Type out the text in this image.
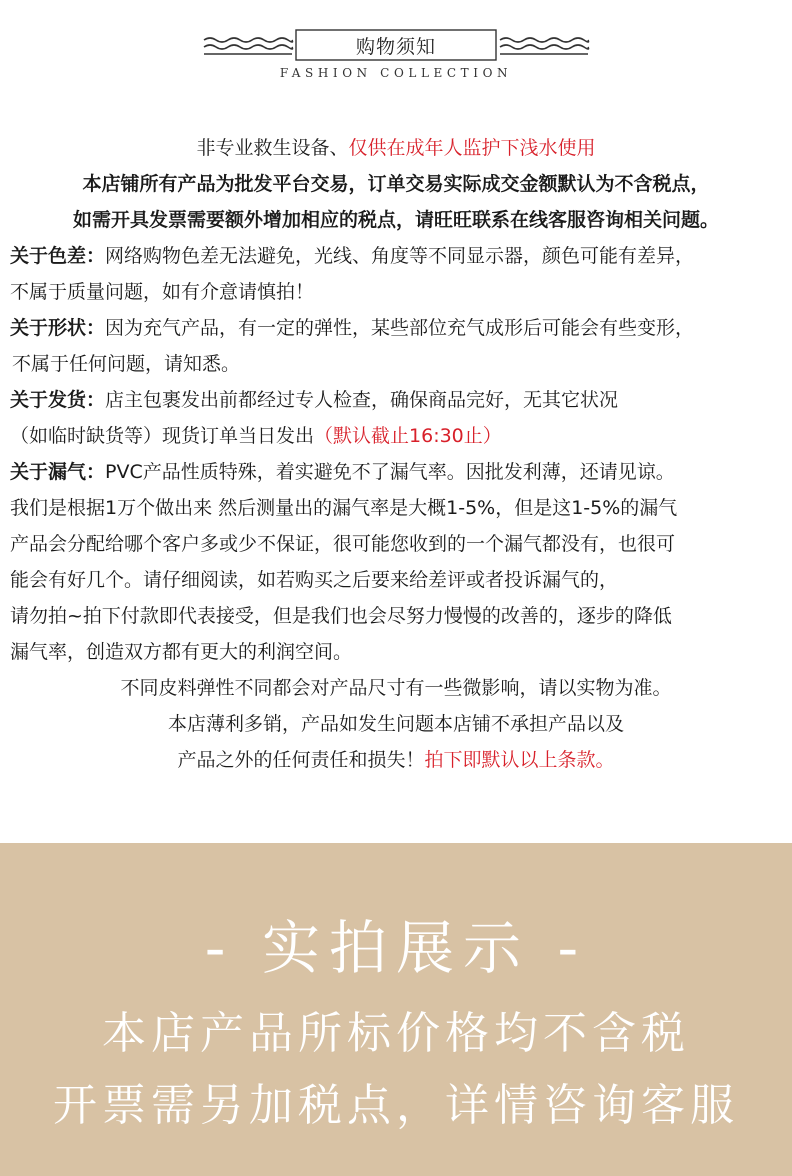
购物须知
FASHION COLLECTION
非专业救生设备、仅供在成年人监护下浅水使用
本店铺所有产品为批发平台交易，订单交易实际成交金额默认为不含税点，
如需开具发票需要额外增加相应的税点，请旺旺联系在线客服咨询相关问题。
关于色差：网络购物色差无法避免，光线、角度等不同显示器，颜色可能有差异，
不属于质量问题，如有介意请慎拍！
关于形状：因为充气产品，有一定的弹性，某些部位充气成形后可能会有些变形，
不属于任何问题，请知悉。
关于发货：店主包裹发出前都经过专人检查，确保商品完好，无其它状况
（如临时缺货等）现货订单当日发出（默认截止16:30止）
关于漏气：PVC产品性质特殊，着实避免不了漏气率。因批发利薄，还请见谅。
我们是根据1万个做出来 然后测量出的漏气率是大概1-5%，但是这1-5%的漏气
产品会分配给哪个客户多或少不保证，很可能您收到的一个漏气都没有，也很可
能会有好几个。请仔细阅读，如若购买之后要来给差评或者投诉漏气的，
请勿拍~拍下付款即代表接受，但是我们也会尽努力慢慢的改善的，逐步的降低
漏气率，创造双方都有更大的利润空间。
不同皮料弹性不同都会对产品尺寸有一些微影响，请以实物为准。
本店薄利多销，产品如发生问题本店铺不承担产品以及
产品之外的任何责任和损失！拍下即默认以上条款。
- 实拍展示 -
本店产品所标价格均不含税
开票需另加税点，详情咨询客服
